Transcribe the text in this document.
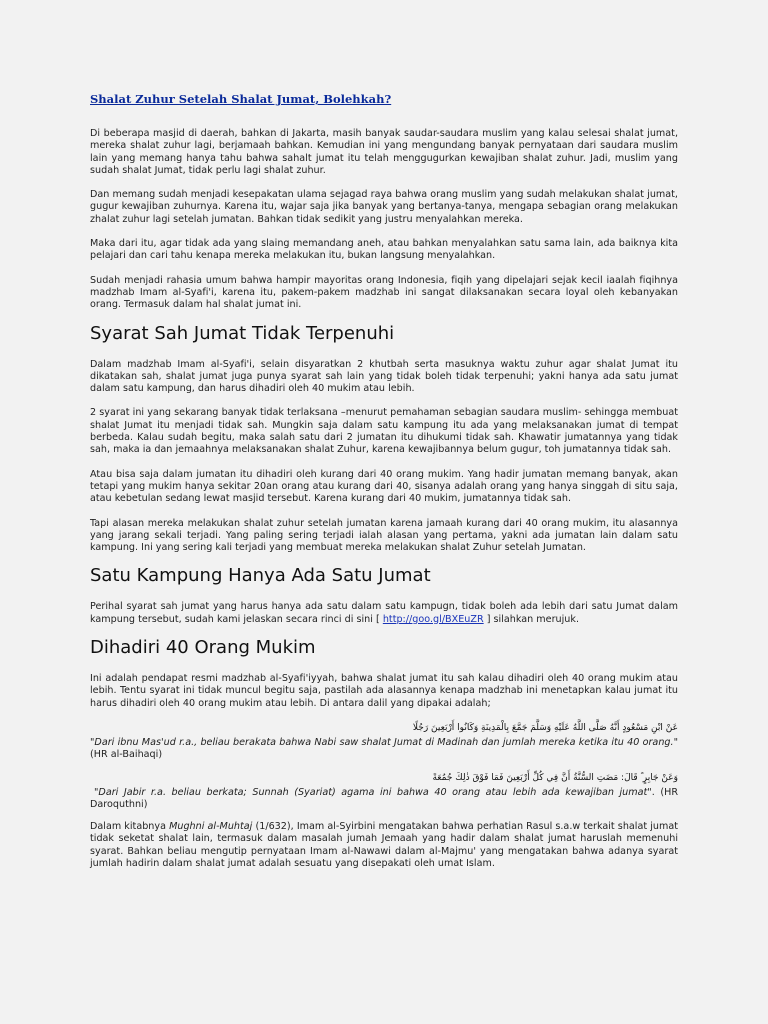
Shalat Zuhur Setelah Shalat Jumat, Bolehkah?

Di beberapa masjid di daerah, bahkan di Jakarta, masih banyak saudar-saudara muslim yang kalau selesai shalat jumat, mereka shalat zuhur lagi, berjamaah bahkan. Kemudian ini yang mengundang banyak pernyataan dari saudara muslim lain yang memang hanya tahu bahwa sahalt jumat itu telah menggugurkan kewajiban shalat zuhur. Jadi, muslim yang sudah shalat Jumat, tidak perlu lagi shalat zuhur.

Dan memang sudah menjadi kesepakatan ulama sejagad raya bahwa orang muslim yang sudah melakukan shalat jumat, gugur kewajiban zuhurnya. Karena itu, wajar saja jika banyak yang bertanya-tanya, mengapa sebagian orang melakukan zhalat zuhur lagi setelah jumatan. Bahkan tidak sedikit yang justru menyalahkan mereka.

Maka dari itu, agar tidak ada yang slaing memandang aneh, atau bahkan menyalahkan satu sama lain, ada baiknya kita pelajari dan cari tahu kenapa mereka melakukan itu, bukan langsung menyalahkan.

Sudah menjadi rahasia umum bahwa hampir mayoritas orang Indonesia, fiqih yang dipelajari sejak kecil iaalah fiqihnya madzhab Imam al-Syafi'i, karena itu, pakem-pakem madzhab ini sangat dilaksanakan secara loyal oleh kebanyakan orang. Termasuk dalam hal shalat jumat ini.

Syarat Sah Jumat Tidak Terpenuhi

Dalam madzhab Imam al-Syafi'i, selain disyaratkan 2 khutbah serta masuknya waktu zuhur agar shalat Jumat itu dikatakan sah, shalat jumat juga punya syarat sah lain yang tidak boleh tidak terpenuhi; yakni hanya ada satu jumat dalam satu kampung, dan harus dihadiri oleh 40 mukim atau lebih.

2 syarat ini yang sekarang banyak tidak terlaksana –menurut pemahaman sebagian saudara muslim- sehingga membuat shalat Jumat itu menjadi tidak sah. Mungkin saja dalam satu kampung itu ada yang melaksanakan jumat di tempat berbeda. Kalau sudah begitu, maka salah satu dari 2 jumatan itu dihukumi tidak sah. Khawatir jumatannya yang tidak sah, maka ia dan jemaahnya melaksanakan shalat Zuhur, karena kewajibannya belum gugur, toh jumatannya tidak sah.

Atau bisa saja dalam jumatan itu dihadiri oleh kurang dari 40 orang mukim. Yang hadir jumatan memang banyak, akan tetapi yang mukim hanya sekitar 20an orang atau kurang dari 40, sisanya adalah orang yang hanya singgah di situ saja, atau kebetulan sedang lewat masjid tersebut. Karena kurang dari 40 mukim, jumatannya tidak sah.

Tapi alasan mereka melakukan shalat zuhur setelah jumatan karena jamaah kurang dari 40 orang mukim, itu alasannya yang jarang sekali terjadi. Yang paling sering terjadi ialah alasan yang pertama, yakni ada jumatan lain dalam satu kampung. Ini yang sering kali terjadi yang membuat mereka melakukan shalat Zuhur setelah Jumatan.

Satu Kampung Hanya Ada Satu Jumat

Perihal syarat sah jumat yang harus hanya ada satu dalam satu kampugn, tidak boleh ada lebih dari satu Jumat dalam kampung tersebut, sudah kami jelaskan secara rinci di sini [ http://goo.gl/BXEuZR ] silahkan merujuk.

Dihadiri 40 Orang Mukim

Ini adalah pendapat resmi madzhab al-Syafi'iyyah, bahwa shalat jumat itu sah kalau dihadiri oleh 40 orang mukim atau lebih. Tentu syarat ini tidak muncul begitu saja, pastilah ada alasannya kenapa madzhab ini menetapkan kalau jumat itu harus dihadiri oleh 40 orang mukim atau lebih. Di antara dalil yang dipakai adalah;

عَنْ ابْنِ مَسْعُودٍ أَنَّهُ صَلَّى اللَّهُ عَلَيْهِ وَسَلَّمَ جَمَّعَ بِالْمَدِينَةِ وَكَانُوا أَرْبَعِينَ رَجُلًا

"Dari ibnu Mas'ud r.a., beliau berakata bahwa Nabi saw shalat Jumat di Madinah dan jumlah mereka ketika itu 40 orang." (HR al-Baihaqi)

وَعَنْ جَابِرٍ ؓ قَالَ: مَضَتِ السُّنَّةُ أَنَّ فِي كُلِّ أَرْبَعِينَ فَمَا فَوْقَ ذٰلِكَ جُمُعَةً

"Dari Jabir r.a. beliau berkata; Sunnah (Syariat) agama ini bahwa 40 orang atau lebih ada kewajiban jumat". (HR Daroquthni)

Dalam kitabnya Mughni al-Muhtaj (1/632), Imam al-Syirbini mengatakan bahwa perhatian Rasul s.a.w terkait shalat jumat tidak seketat shalat lain, termasuk dalam masalah jumah Jemaah yang hadir dalam shalat jumat haruslah memenuhi syarat. Bahkan beliau mengutip pernyataan Imam al-Nawawi dalam al-Majmu' yang mengatakan bahwa adanya syarat jumlah hadirin dalam shalat jumat adalah sesuatu yang disepakati oleh umat Islam.
